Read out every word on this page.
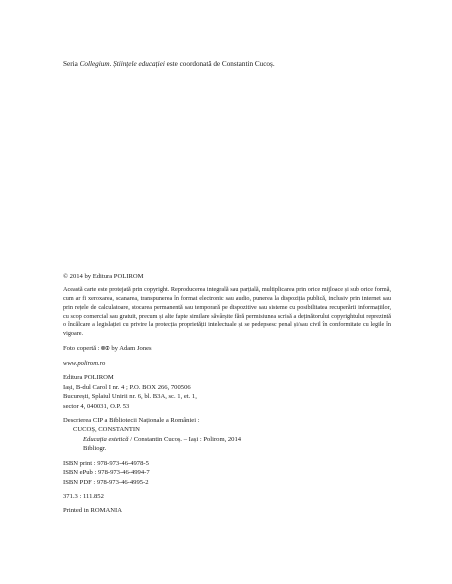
Seria Collegium. Științele educației este coordonată de Constantin Cucoș.
© 2014 by Editura POLIROM
Această carte este protejată prin copyright. Reproducerea integrală sau parțială, multiplicarea prin orice mijloace și sub orice formă, cum ar fi xeroxarea, scanarea, transpunerea în format electronic sau audio, punerea la dispoziția publică, inclusiv prin internet sau prin rețele de calculatoare, stocarea permanentă sau temporară pe dispozitive sau sisteme cu posibilitatea recuperării informațiilor, cu scop comercial sau gratuit, precum și alte fapte similare săvârșite fără permisiunea scrisă a deținătorului copyrightului reprezintă o încălcare a legislației cu privire la protecția proprietății intelectuale și se pedepsesc penal și/sau civil în conformitate cu legile în vigoare.
Foto copertă : 🅭🅯 by Adam Jones
www.polirom.ro
Editura POLIROM
Iași, B-dul Carol I nr. 4 ; P.O. BOX 266, 700506
București, Splaiul Unirii nr. 6, bl. B3A, sc. 1, et. 1,
sector 4, 040031, O.P. 53
Descrierea CIP a Bibliotecii Naționale a României :
CUCOȘ, CONSTANTIN
Educația estetică / Constantin Cucoș. – Iași : Polirom, 2014
Bibliogr.
ISBN print : 978-973-46-4978-5
ISBN ePub : 978-973-46-4994-7
ISBN PDF : 978-973-46-4995-2
371.3 : 111.852
Printed in ROMANIA
